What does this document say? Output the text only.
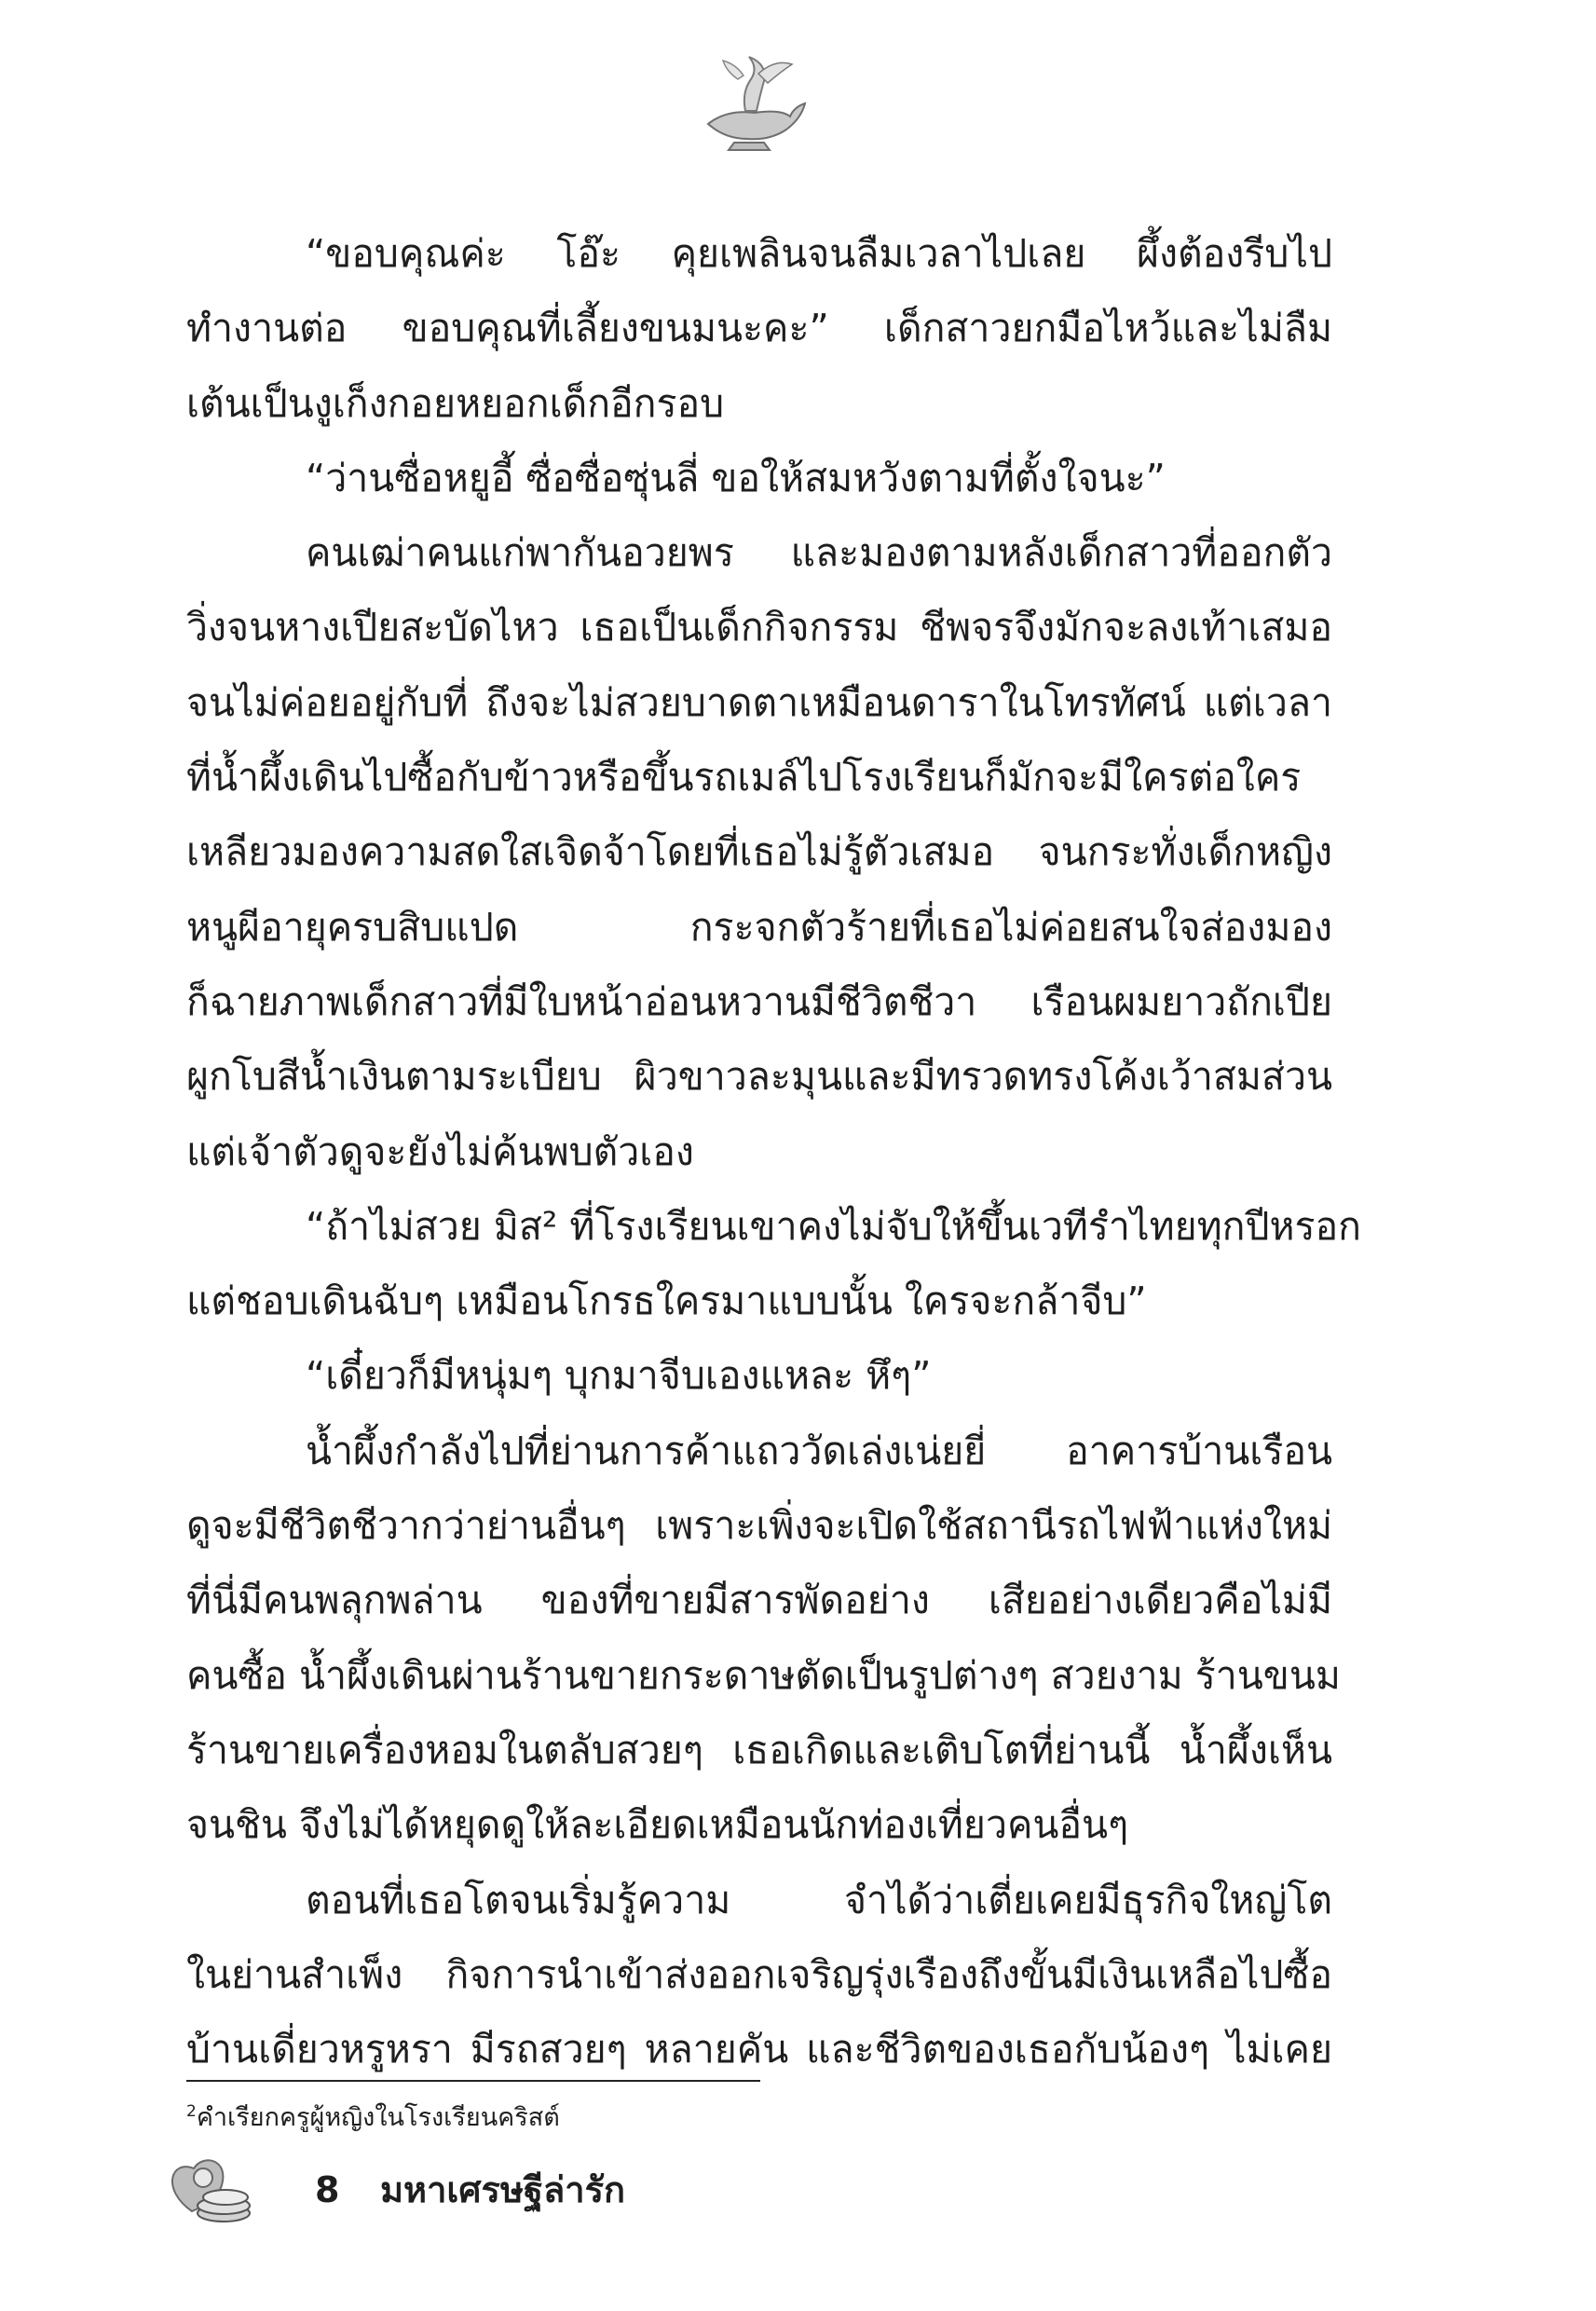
“ขอบคุณค่ะ โอ๊ะ คุยเพลินจนลืมเวลาไปเลย ผึ้งต้องรีบไป
ทำงานต่อ ขอบคุณที่เลี้ยงขนมนะคะ” เด็กสาวยกมือไหว้และไม่ลืม
เต้นเป็นงูเก็งกอยหยอกเด็กอีกรอบ
“ว่านซื่อหยูอี้ ซื่อซื่อซุ่นลี่ ขอให้สมหวังตามที่ตั้งใจนะ”
คนเฒ่าคนแก่พากันอวยพร และมองตามหลังเด็กสาวที่ออกตัว
วิ่งจนหางเปียสะบัดไหว เธอเป็นเด็กกิจกรรม ชีพจรจึงมักจะลงเท้าเสมอ
จนไม่ค่อยอยู่กับที่ ถึงจะไม่สวยบาดตาเหมือนดาราในโทรทัศน์ แต่เวลา
ที่น้ำผึ้งเดินไปซื้อกับข้าวหรือขึ้นรถเมล์ไปโรงเรียนก็มักจะมีใครต่อใคร
เหลียวมองความสดใสเจิดจ้าโดยที่เธอไม่รู้ตัวเสมอ จนกระทั่งเด็กหญิง
หนูผีอายุครบสิบแปด กระจกตัวร้ายที่เธอไม่ค่อยสนใจส่องมอง
ก็ฉายภาพเด็กสาวที่มีใบหน้าอ่อนหวานมีชีวิตชีวา เรือนผมยาวถักเปีย
ผูกโบสีน้ำเงินตามระเบียบ ผิวขาวละมุนและมีทรวดทรงโค้งเว้าสมส่วน
แต่เจ้าตัวดูจะยังไม่ค้นพบตัวเอง
“ถ้าไม่สวย มิส² ที่โรงเรียนเขาคงไม่จับให้ขึ้นเวทีรำไทยทุกปีหรอก
แต่ชอบเดินฉับๆ เหมือนโกรธใครมาแบบนั้น ใครจะกล้าจีบ”
“เดี๋ยวก็มีหนุ่มๆ บุกมาจีบเองแหละ หึๆ”
น้ำผึ้งกำลังไปที่ย่านการค้าแถววัดเล่งเน่ยยี่ อาคารบ้านเรือน
ดูจะมีชีวิตชีวากว่าย่านอื่นๆ เพราะเพิ่งจะเปิดใช้สถานีรถไฟฟ้าแห่งใหม่
ที่นี่มีคนพลุกพล่าน ของที่ขายมีสารพัดอย่าง เสียอย่างเดียวคือไม่มี
คนซื้อ น้ำผึ้งเดินผ่านร้านขายกระดาษตัดเป็นรูปต่างๆ สวยงาม ร้านขนม
ร้านขายเครื่องหอมในตลับสวยๆ เธอเกิดและเติบโตที่ย่านนี้ น้ำผึ้งเห็น
จนชิน จึงไม่ได้หยุดดูให้ละเอียดเหมือนนักท่องเที่ยวคนอื่นๆ
ตอนที่เธอโตจนเริ่มรู้ความ จำได้ว่าเตี่ยเคยมีธุรกิจใหญ่โต
ในย่านสำเพ็ง กิจการนำเข้าส่งออกเจริญรุ่งเรืองถึงขั้นมีเงินเหลือไปซื้อ
บ้านเดี่ยวหรูหรา มีรถสวยๆ หลายคัน และชีวิตของเธอกับน้องๆ ไม่เคย
$^2$คำเรียกครูผู้หญิงในโรงเรียนคริสต์
8 มหาเศรษฐีล่ารัก
